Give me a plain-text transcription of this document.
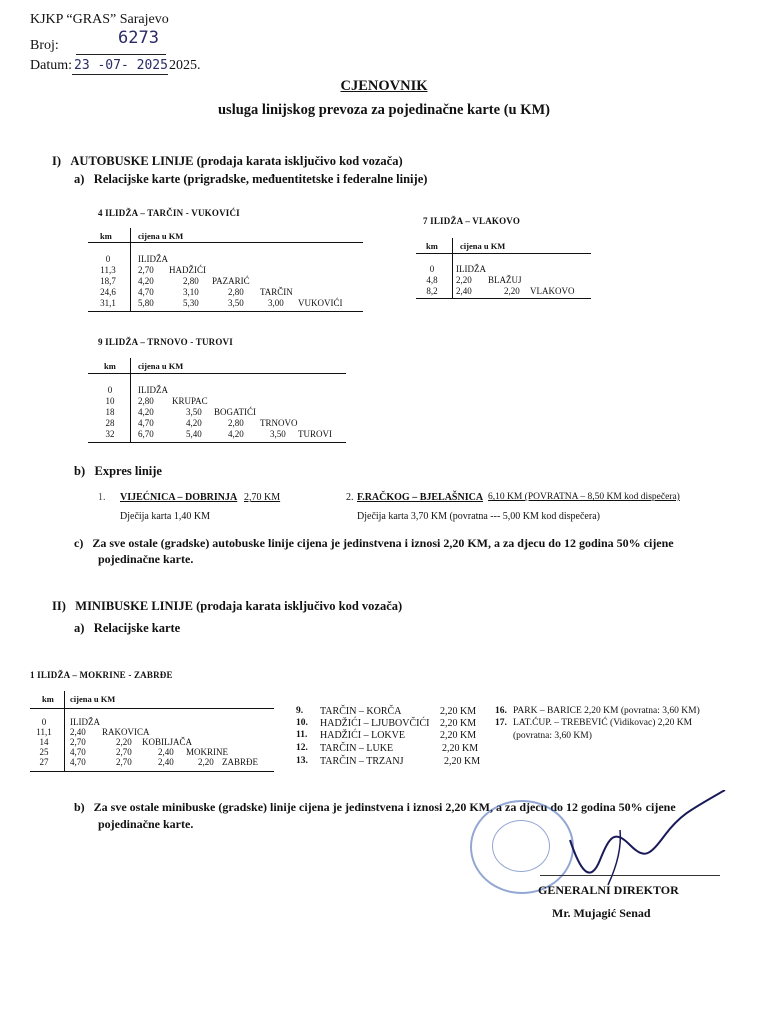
KJKP “GRAS” Sarajevo
Broj:	6273
Datum: 23 -07- 2025 2025.
CJENOVNIK
usluga linijskog prevoza za pojedinačne karte (u KM)
I)   AUTOBUSKE LINIJE (prodaja karata isključivo kod vozača)
a)   Relacijske karte (prigradske, međuentitetske i federalne linije)
4 ILIDŽA – TARČIN - VUKOVIĆI
km	cijena u KM
0	ILIDŽA
11,3	2,70 HADŽIĆI
18,7	4,20	2,80 PAZARIĆ
24,6	4,70	3,10	2,80 TARČIN
31,1	5,80	5,30	3,50	3,00 VUKOVIĆI
7 ILIDŽA – VLAKOVO
km	cijena u KM
0	ILIDŽA
4,8	2,20 BLAŽUJ
8,2	2,40	2,20 VLAKOVO
9 ILIDŽA – TRNOVO - TUROVI
km	cijena u KM
0	ILIDŽA
10	2,80 KRUPAC
18	4,20	3,50 BOGATIĆI
28	4,70	4,20	2,80 TRNOVO
32	6,70	5,40	4,20	3,50 TUROVI
b)   Expres linije
1. VIJEĆNICA – DOBRINJA 2,70 KM
Dječija karta 1,40 KM
2. F.RAČKOG – BJELAŠNICA 6,10 KM (POVRATNA – 8,50 KM kod dispečera)
Dječija karta 3,70 KM (povratna --- 5,00 KM kod dispečera)
c)   Za sve ostale (gradske) autobuske linije cijena je jedinstvena i iznosi 2,20 KM, a za djecu do 12 godina 50% cijene
pojedinačne karte.
II)   MINIBUSKE LINIJE (prodaja karata isključivo kod vozača)
a)   Relacijske karte
1 ILIDŽA – MOKRINE - ZABRĐE
km cijena u KM
0	ILIDŽA
11,1	2,40 RAKOVICA
14	2,70	2,20 KOBILJAČA
25	4,70	2,70	2,40 MOKRINE
27	4,70	2,70	2,40	2,20 ZABRĐE
9. TARČIN – KORČA	2,20 KM
10. HADŽIĆI – LJUBOVČIĆI 2,20 KM
11. HADŽIĆI – LOKVE	2,20 KM
12. TARČIN – LUKE	2,20 KM
13. TARČIN – TRZANJ	2,20 KM
16. PARK – BARICE 2,20 KM (povratna: 3,60 KM)
17. LAT.ĆUP. – TREBEVIĆ (Vidikovac) 2,20 KM
(povratna: 3,60 KM)
b)   Za sve ostale minibuske (gradske) linije cijena je jedinstvena i iznosi 2,20 KM, a za djecu do 12 godina 50% cijene
pojedinačne karte.
GENERALNI DIREKTOR
Mr. Mujagić Senad
